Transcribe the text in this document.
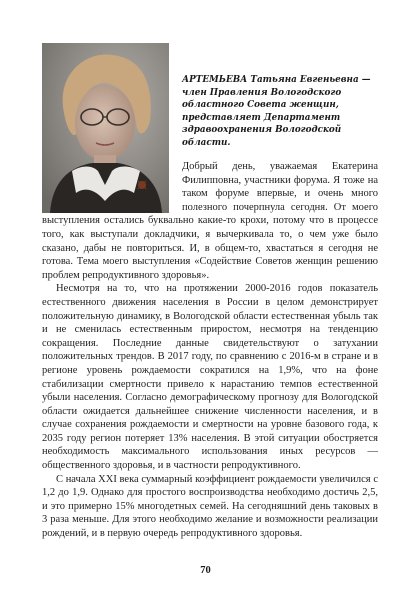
АРТЕМЬЕВА Татьяна Евгеньевна — член Правления Вологодского областного Совета женщин, представляет Департамент здравоохранения Вологодской области.

Добрый день, уважаемая Екатерина Филипповна, участники форума. Я тоже на таком форуме впервые, и очень много полезного почерпнула сегодня. От моего выступления остались буквально какие-то крохи, потому что в процессе того, как выступали докладчики, я вычеркивала то, о чем уже было сказано, дабы не повториться. И, в общем-то, хвастаться я сегодня не готова. Тема моего выступления «Содействие Советов женщин решению проблем репродуктивного здоровья».

Несмотря на то, что на протяжении 2000-2016 годов показатель естественного движения населения в России в целом демонстрирует положительную динамику, в Вологодской области естественная убыль так и не сменилась естественным приростом, несмотря на тенденцию сокращения. Последние данные свидетельствуют о затухании положительных трендов. В 2017 году, по сравнению с 2016-м в стране и в регионе уровень рождаемости сократился на 1,9%, что на фоне стабилизации смертности привело к нарастанию темпов естественной убыли населения. Согласно демографическому прогнозу для Вологодской области ожидается дальнейшее снижение численности населения, и в случае сохранения рождаемости и смертности на уровне базового года, к 2035 году регион потеряет 13% населения. В этой ситуации обостряется необходимость максимального использования иных ресурсов — общественного здоровья, и в частности репродуктивного.

С начала XXI века суммарный коэффициент рождаемости увеличился с 1,2 до 1,9. Однако для простого воспроизводства необходимо достичь 2,5, и это примерно 15% многодетных семей. На сегодняшний день таковых в 3 раза меньше. Для этого необходимо желание и возможности реализации рождений, и в первую очередь репродуктивного здоровья.

70
